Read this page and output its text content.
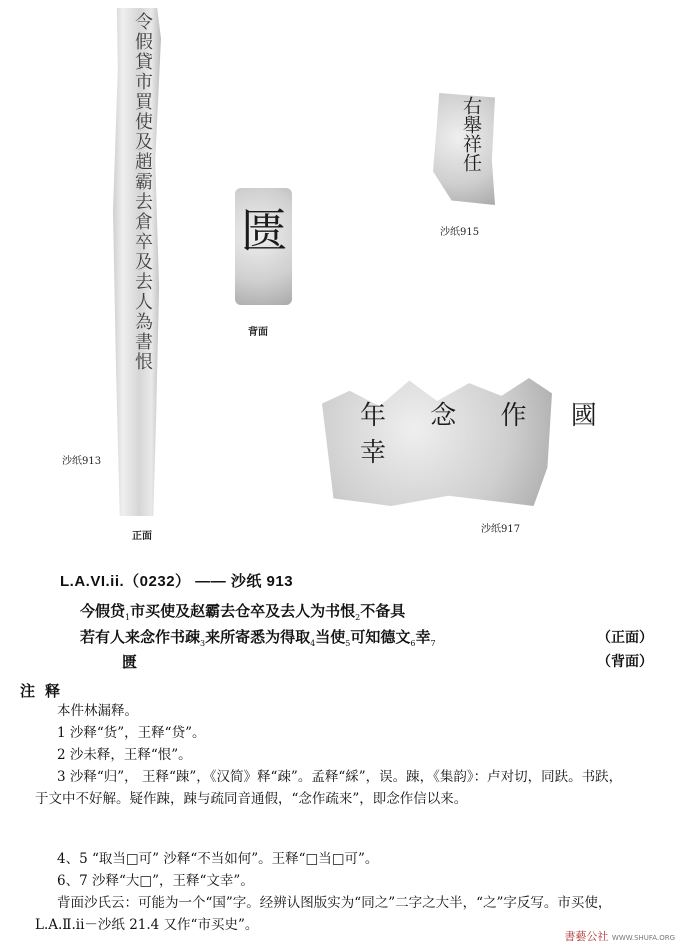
令假貸市買使及趙霸去倉卒及去人為書恨
沙纸913
正面
匮
背面
右舉祥任
沙纸915
年 念 作 國 幸
沙纸917
L.A.VI.ii.（0232） —— 沙纸 913
今假贷$_1$市买使及赵霸去仓卒及去人为书恨$_2$不备具
若有人来念作书疎$_3$来所寄悉为得取$_4$当使$_5$可知德文$_6$幸$_7$	（正面）
匮	（背面）
注释
本件林漏释。
1 沙释“货”，王释“贷”。
2 沙未释，王释“恨”。
3 沙释“归”， 王释“踈”，《汉简》释“疎”。孟释“綵”，误。踈，《集韵》：卢对切，同趺。书趺，于文中不好解。疑作踈，踈与疏同音通假，“念作疏来”，即念作信以来。
4、5 “取当□可” 沙释“不当如何”。王释“□当□可”。
6、7 沙释“大□”，王释“文幸”。
背面沙氏云：可能为一个“国”字。经辨认图版实为“同之”二字之大半，“之”字反写。市买使，L.A.Ⅱ.ii－沙纸 21.4 又作“市买史”。
書藝公社 WWW.SHUFA.ORG
